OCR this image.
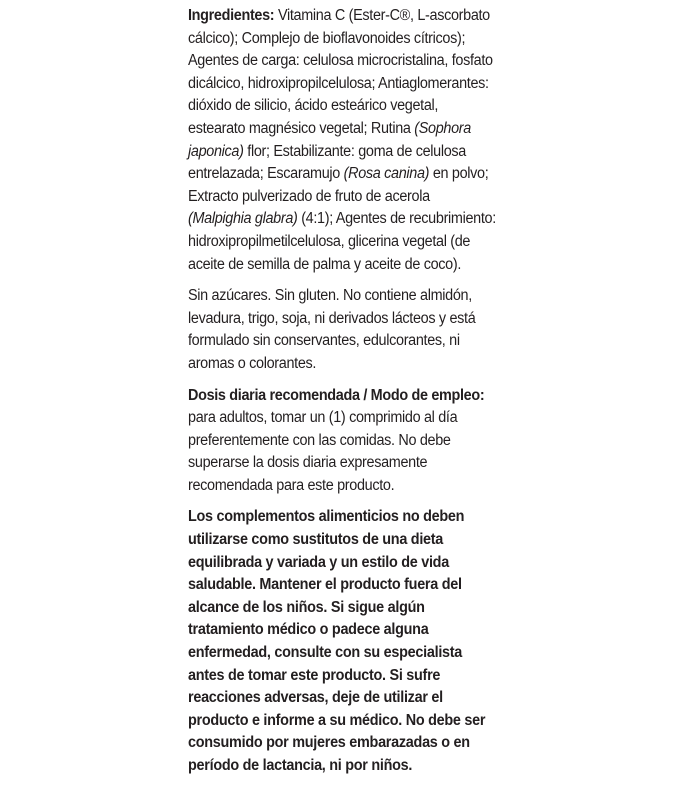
Ingredientes: Vitamina C (Ester-C®, L-ascorbato
cálcico); Complejo de bioflavonoides cítricos);
Agentes de carga: celulosa microcristalina, fosfato
dicálcico, hidroxipropilcelulosa; Antiaglomerantes:
dióxido de silicio, ácido esteárico vegetal,
estearato magnésico vegetal; Rutina (Sophora
japonica) flor; Estabilizante: goma de celulosa
entrelazada; Escaramujo (Rosa canina) en polvo;
Extracto pulverizado de fruto de acerola
(Malpighia glabra) (4:1); Agentes de recubrimiento:
hidroxipropilmetilcelulosa, glicerina vegetal (de
aceite de semilla de palma y aceite de coco).
Sin azúcares. Sin gluten. No contiene almidón,
levadura, trigo, soja, ni derivados lácteos y está
formulado sin conservantes, edulcorantes, ni
aromas o colorantes.
Dosis diaria recomendada / Modo de empleo:
para adultos, tomar un (1) comprimido al día
preferentemente con las comidas. No debe
superarse la dosis diaria expresamente
recomendada para este producto.
Los complementos alimenticios no deben
utilizarse como sustitutos de una dieta
equilibrada y variada y un estilo de vida
saludable. Mantener el producto fuera del
alcance de los niños. Si sigue algún
tratamiento médico o padece alguna
enfermedad, consulte con su especialista
antes de tomar este producto. Si sufre
reacciones adversas, deje de utilizar el
producto e informe a su médico. No debe ser
consumido por mujeres embarazadas o en
período de lactancia, ni por niños.
